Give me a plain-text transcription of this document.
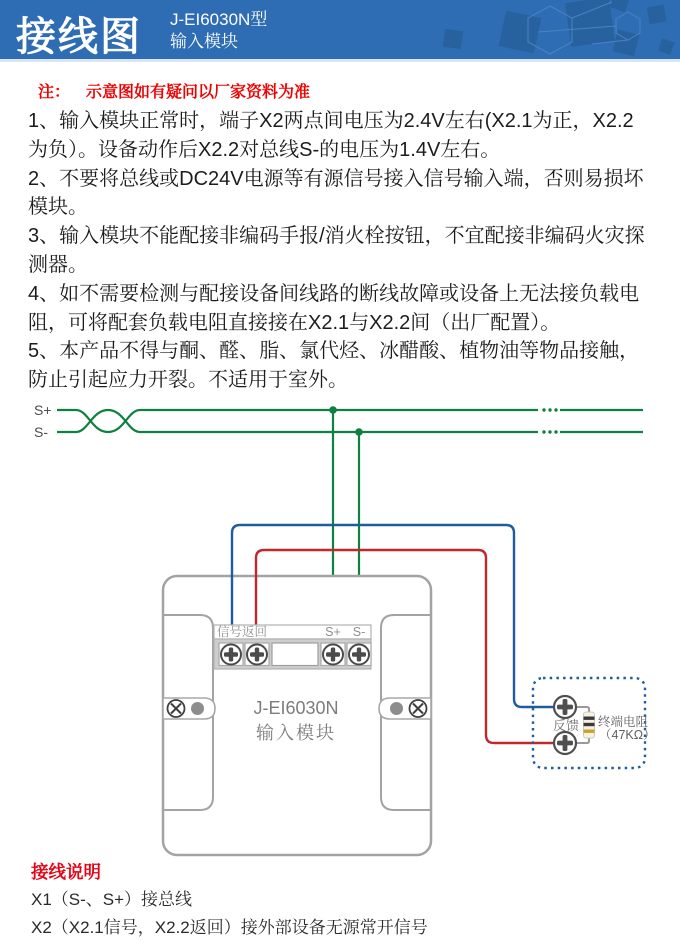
接线图 J-EI6030N型
输入模块
注： 示意图如有疑问以厂家资料为准

1、输入模块正常时，端子X2两点间电压为2.4V左右(X2.1为正，X2.2为负）。设备动作后X2.2对总线S-的电压为1.4V左右。

2、不要将总线或DC24V电源等有源信号接入信号输入端，否则易损坏模块。

3、输入模块不能配接非编码手报/消火栓按钮，不宜配接非编码火灾探测器。

4、如不需要检测与配接设备间线路的断线故障或设备上无法接负载电阻，可将配套负载电阻直接接在X2.1与X2.2间（出厂配置）。

5、本产品不得与酮、醛、脂、氯代烃、冰醋酸、植物油等物品接触，防止引起应力开裂。不适用于室外。

S+
S-
信号返回	S+ S-
J-EI6030N
输入模块	反馈 终端电阻
（47KΩ）
接线说明
X1（S-、S+）接总线
X2（X2.1信号，X2.2返回）接外部设备无源常开信号
